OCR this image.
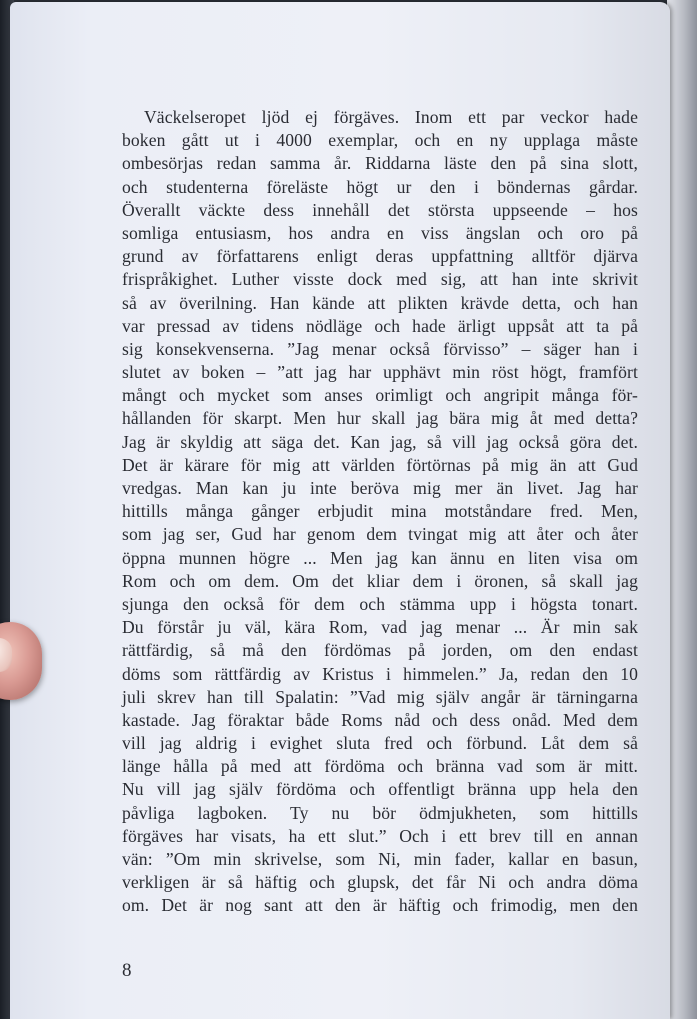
Väckelseropet ljöd ej förgäves. Inom ett par veckor hade
boken gått ut i 4000 exemplar, och en ny upplaga måste
ombesörjas redan samma år. Riddarna läste den på sina slott,
och studenterna föreläste högt ur den i böndernas gårdar.
Överallt väckte dess innehåll det största uppseende – hos
somliga entusiasm, hos andra en viss ängslan och oro på
grund av författarens enligt deras uppfattning alltför djärva
frispråkighet. Luther visste dock med sig, att han inte skrivit
så av överilning. Han kände att plikten krävde detta, och han
var pressad av tidens nödläge och hade ärligt uppsåt att ta på
sig konsekvenserna. ”Jag menar också förvisso” – säger han i
slutet av boken – ”att jag har upphävt min röst högt, framfört
mångt och mycket som anses orimligt och angripit många för-
hållanden för skarpt. Men hur skall jag bära mig åt med detta?
Jag är skyldig att säga det. Kan jag, så vill jag också göra det.
Det är kärare för mig att världen förtörnas på mig än att Gud
vredgas. Man kan ju inte beröva mig mer än livet. Jag har
hittills många gånger erbjudit mina motståndare fred. Men,
som jag ser, Gud har genom dem tvingat mig att åter och åter
öppna munnen högre ... Men jag kan ännu en liten visa om
Rom och om dem. Om det kliar dem i öronen, så skall jag
sjunga den också för dem och stämma upp i högsta tonart.
Du förstår ju väl, kära Rom, vad jag menar ... Är min sak
rättfärdig, så må den fördömas på jorden, om den endast
döms som rättfärdig av Kristus i himmelen.” Ja, redan den 10
juli skrev han till Spalatin: ”Vad mig själv angår är tärningarna
kastade. Jag föraktar både Roms nåd och dess onåd. Med dem
vill jag aldrig i evighet sluta fred och förbund. Låt dem så
länge hålla på med att fördöma och bränna vad som är mitt.
Nu vill jag själv fördöma och offentligt bränna upp hela den
påvliga lagboken. Ty nu bör ödmjukheten, som hittills
förgäves har visats, ha ett slut.” Och i ett brev till en annan
vän: ”Om min skrivelse, som Ni, min fader, kallar en basun,
verkligen är så häftig och glupsk, det får Ni och andra döma
om. Det är nog sant att den är häftig och frimodig, men den
8
